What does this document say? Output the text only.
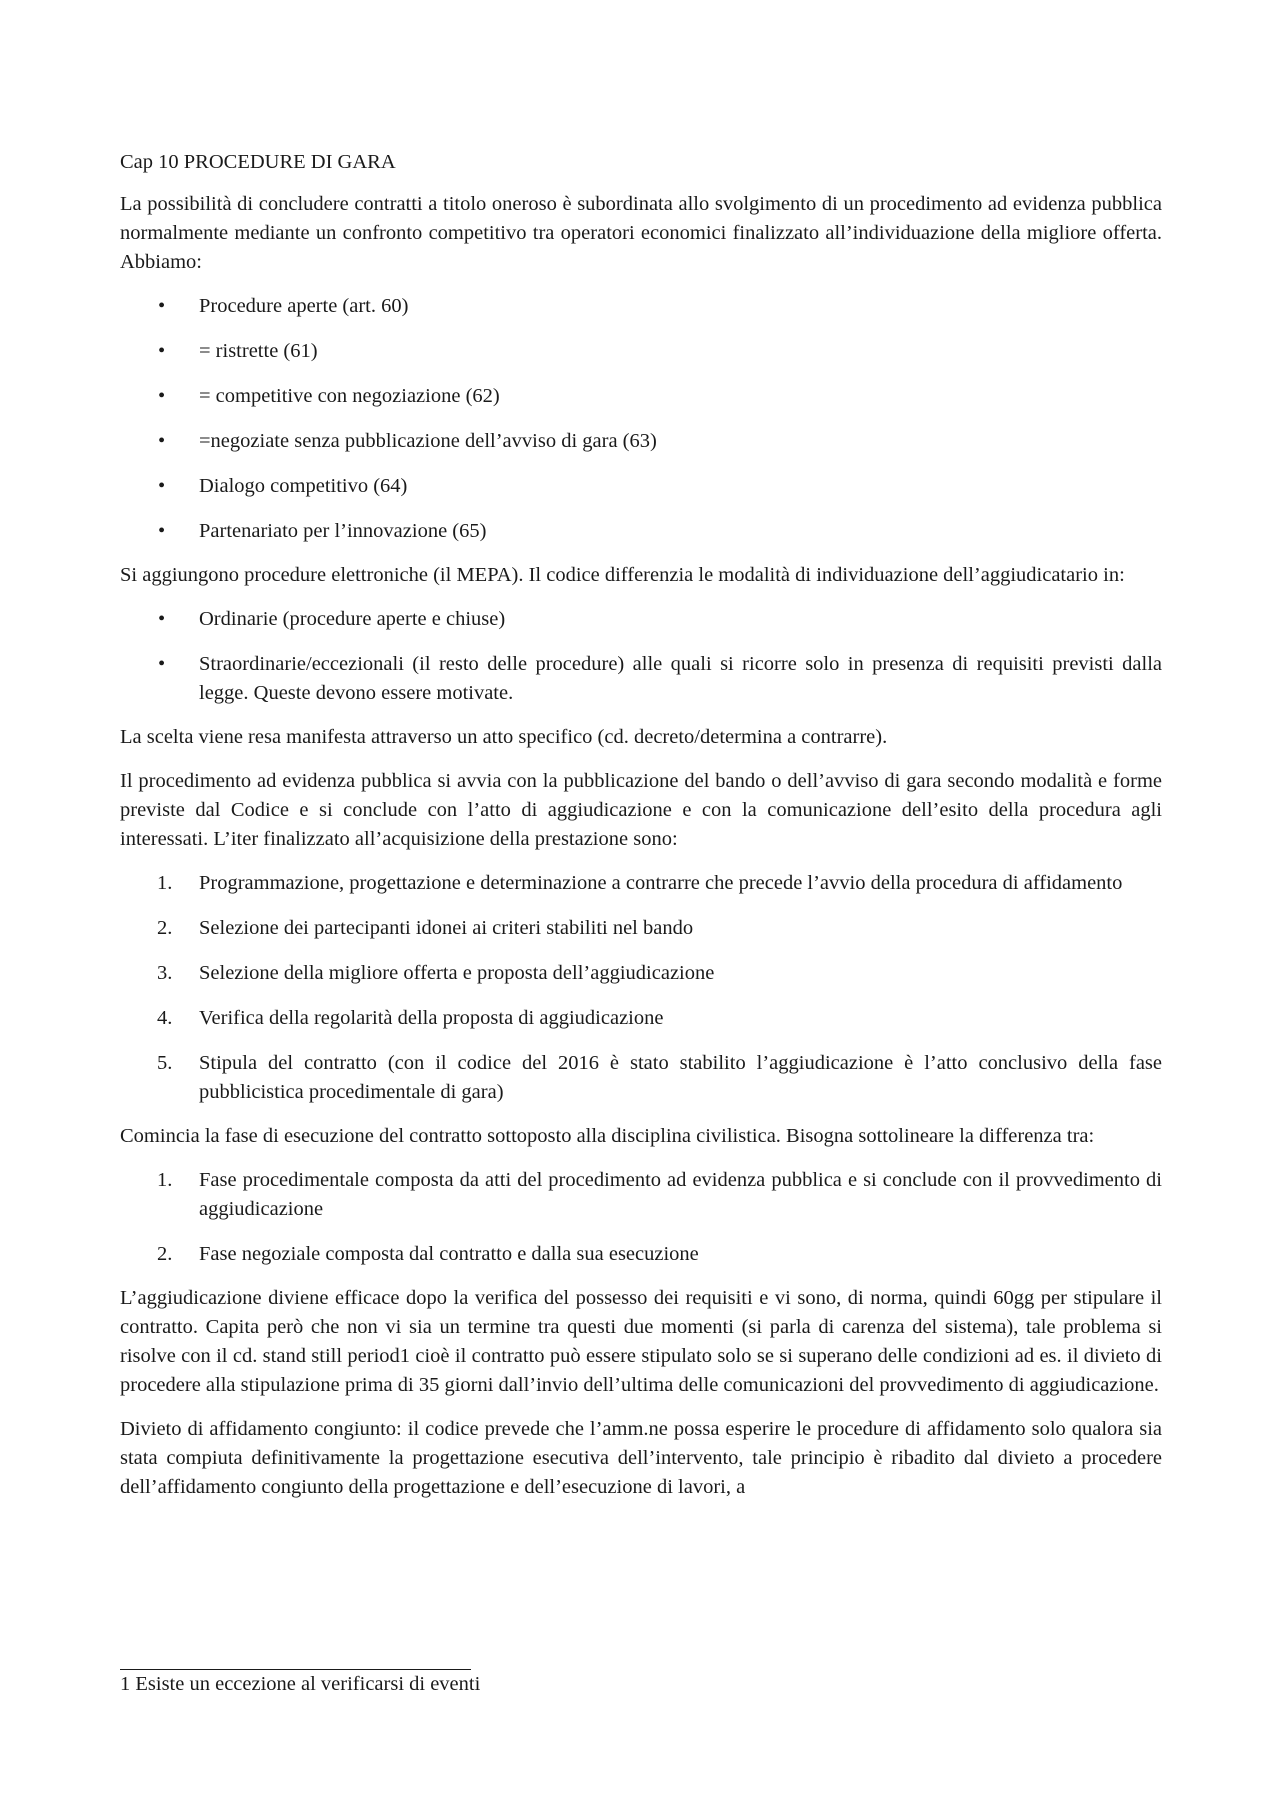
Cap 10 PROCEDURE DI GARA

La possibilità di concludere contratti a titolo oneroso è subordinata allo svolgimento di un procedimento ad evidenza pubblica normalmente mediante un confronto competitivo tra operatori economici finalizzato all’individuazione della migliore offerta. Abbiamo:

• Procedure aperte (art. 60)
• = ristrette (61)
• = competitive con negoziazione (62)
• =negoziate senza pubblicazione dell’avviso di gara (63)
• Dialogo competitivo (64)
• Partenariato per l’innovazione (65)

Si aggiungono procedure elettroniche (il MEPA). Il codice differenzia le modalità di individuazione dell’aggiudicatario in:

• Ordinarie (procedure aperte e chiuse)
• Straordinarie/eccezionali (il resto delle procedure) alle quali si ricorre solo in presenza di requisiti previsti dalla legge. Queste devono essere motivate.

La scelta viene resa manifesta attraverso un atto specifico (cd. decreto/determina a contrarre).

Il procedimento ad evidenza pubblica si avvia con la pubblicazione del bando o dell’avviso di gara secondo modalità e forme previste dal Codice e si conclude con l’atto di aggiudicazione e con la comunicazione dell’esito della procedura agli interessati. L’iter finalizzato all’acquisizione della prestazione sono:

1. Programmazione, progettazione e determinazione a contrarre che precede l’avvio della procedura di affidamento
2. Selezione dei partecipanti idonei ai criteri stabiliti nel bando
3. Selezione della migliore offerta e proposta dell’aggiudicazione
4. Verifica della regolarità della proposta di aggiudicazione
5. Stipula del contratto (con il codice del 2016 è stato stabilito l’aggiudicazione è l’atto conclusivo della fase pubblicistica procedimentale di gara)

Comincia la fase di esecuzione del contratto sottoposto alla disciplina civilistica. Bisogna sottolineare la differenza tra:

1. Fase procedimentale composta da atti del procedimento ad evidenza pubblica e si conclude con il provvedimento di aggiudicazione
2. Fase negoziale composta dal contratto e dalla sua esecuzione

L’aggiudicazione diviene efficace dopo la verifica del possesso dei requisiti e vi sono, di norma, quindi 60gg per stipulare il contratto. Capita però che non vi sia un termine tra questi due momenti (si parla di carenza del sistema), tale problema si risolve con il cd. stand still period1 cioè il contratto può essere stipulato solo se si superano delle condizioni ad es. il divieto di procedere alla stipulazione prima di 35 giorni dall’invio dell’ultima delle comunicazioni del provvedimento di aggiudicazione.

Divieto di affidamento congiunto: il codice prevede che l’amm.ne possa esperire le procedure di affidamento solo qualora sia stata compiuta definitivamente la progettazione esecutiva dell’intervento, tale principio è ribadito dal divieto a procedere dell’affidamento congiunto della progettazione e dell’esecuzione di lavori, a

1 Esiste un eccezione al verificarsi di eventi
